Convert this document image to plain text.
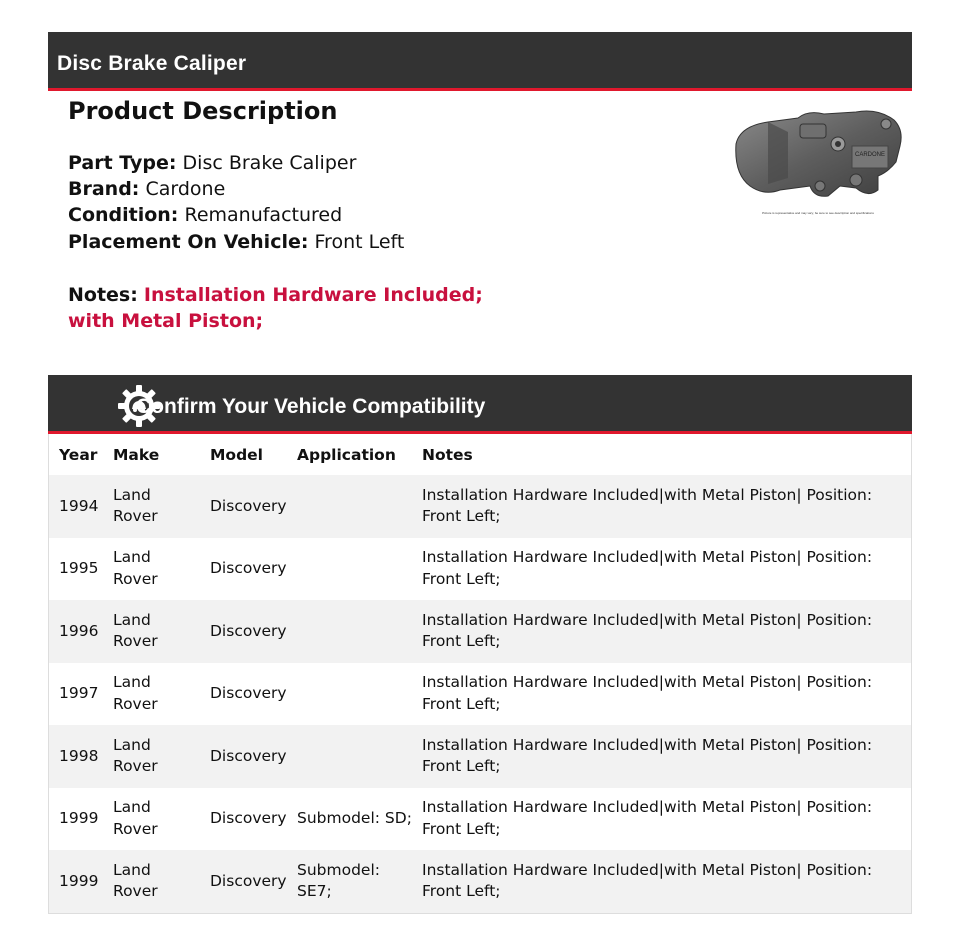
Disc Brake Caliper
Product Description
Part Type: Disc Brake Caliper
Brand: Cardone
Condition: Remanufactured
Placement On Vehicle: Front Left
Notes: Installation Hardware Included;
with Metal Piston;
CARDONE
Picture is representative and may vary; be sure to see description and specifications
Confirm Your Vehicle Compatibility
Year	Make	Model	Application	Notes
1994	Land Rover	Discovery		Installation Hardware Included|with Metal Piston| Position: Front Left;
1995	Land Rover	Discovery		Installation Hardware Included|with Metal Piston| Position: Front Left;
1996	Land Rover	Discovery		Installation Hardware Included|with Metal Piston| Position: Front Left;
1997	Land Rover	Discovery		Installation Hardware Included|with Metal Piston| Position: Front Left;
1998	Land Rover	Discovery		Installation Hardware Included|with Metal Piston| Position: Front Left;
1999	Land Rover	Discovery	Submodel: SD;	Installation Hardware Included|with Metal Piston| Position: Front Left;
1999	Land Rover	Discovery	Submodel: SE7;	Installation Hardware Included|with Metal Piston| Position: Front Left;
